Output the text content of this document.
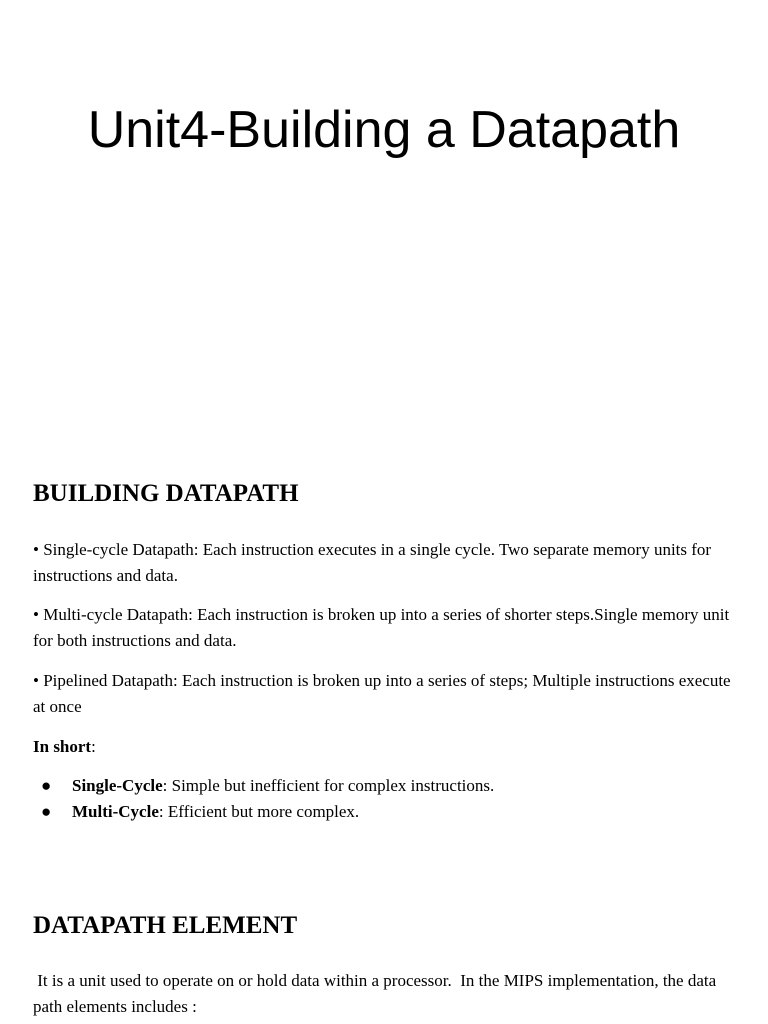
Unit4-Building a Datapath
BUILDING DATAPATH

• Single-cycle Datapath: Each instruction executes in a single cycle. Two separate memory units for instructions and data.

• Multi-cycle Datapath: Each instruction is broken up into a series of shorter steps.Single memory unit for both instructions and data.

• Pipelined Datapath: Each instruction is broken up into a series of steps; Multiple instructions execute at once

In short:

● Single-Cycle: Simple but inefficient for complex instructions.
● Multi-Cycle: Efficient but more complex.
DATAPATH ELEMENT

It is a unit used to operate on or hold data within a processor.  In the MIPS implementation, the data path elements includes :
